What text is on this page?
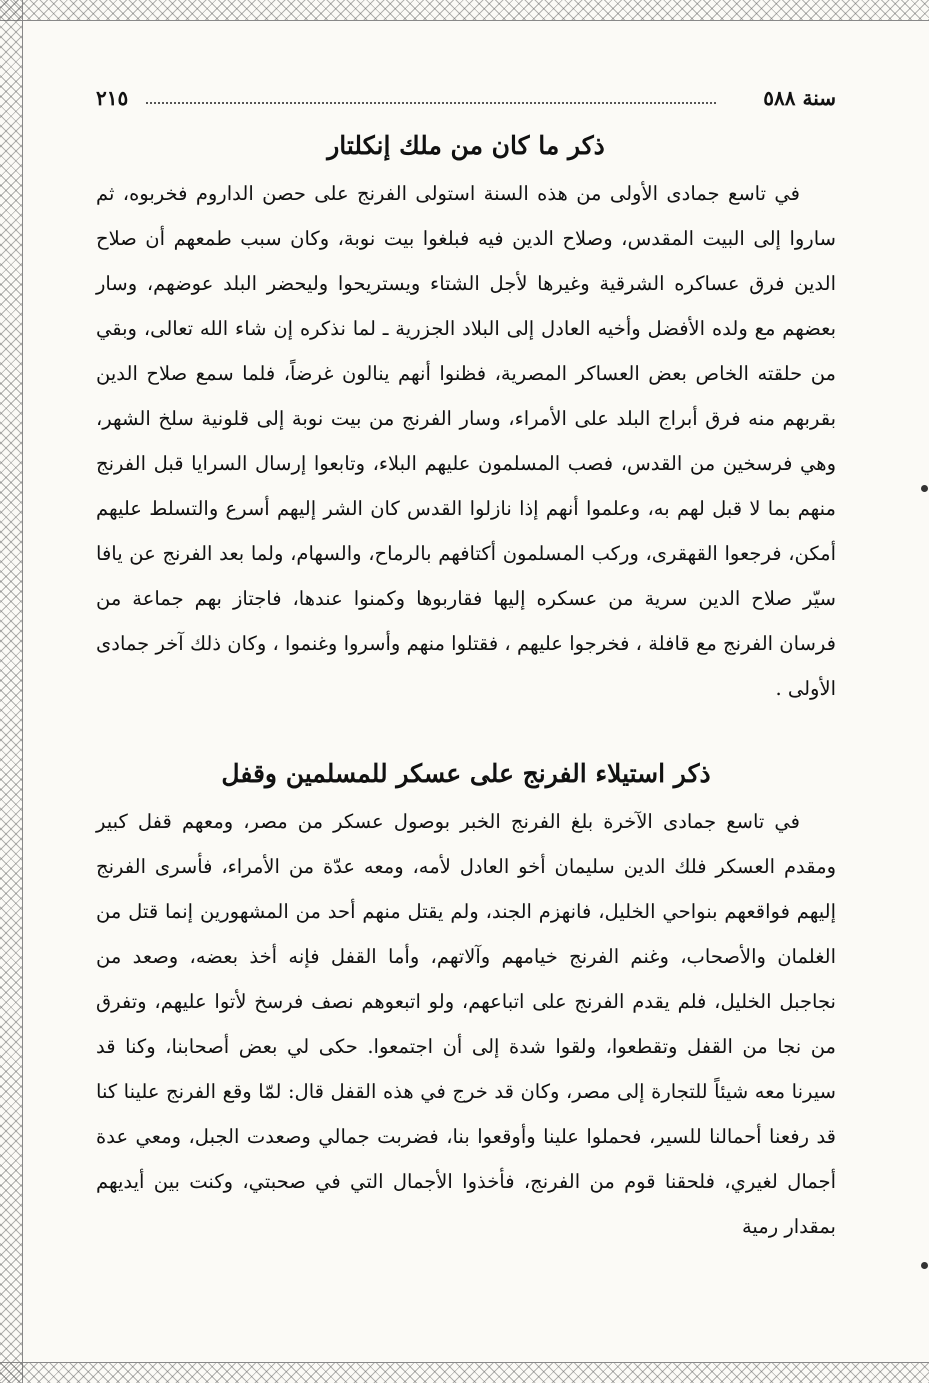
سنة ٥٨٨
٢١٥
ذكر ما كان من ملك إنكلتار

في تاسع جمادى الأولى من هذه السنة استولى الفرنج على حصن الداروم فخربوه، ثم ساروا إلى البيت المقدس، وصلاح الدين فيه فبلغوا بيت نوبة، وكان سبب طمعهم أن صلاح الدين فرق عساكره الشرقية وغيرها لأجل الشتاء ويستريحوا وليحضر البلد عوضهم، وسار بعضهم مع ولده الأفضل وأخيه العادل إلى البلاد الجزرية ـ لما نذكره إن شاء الله تعالى، وبقي من حلقته الخاص بعض العساكر المصرية، فظنوا أنهم ينالون غرضاً، فلما سمع صلاح الدين بقربهم منه فرق أبراج البلد على الأمراء، وسار الفرنج من بيت نوبة إلى قلونية سلخ الشهر، وهي فرسخين من القدس، فصب المسلمون عليهم البلاء، وتابعوا إرسال السرايا قبل الفرنج منهم بما لا قبل لهم به، وعلموا أنهم إذا نازلوا القدس كان الشر إليهم أسرع والتسلط عليهم أمكن، فرجعوا القهقرى، وركب المسلمون أكتافهم بالرماح، والسهام، ولما بعد الفرنج عن يافا سيّر صلاح الدين سرية من عسكره إليها فقاربوها وكمنوا عندها، فاجتاز بهم جماعة من فرسان الفرنج مع قافلة ، فخرجوا عليهم ، فقتلوا منهم وأسروا وغنموا ، وكان ذلك آخر جمادى الأولى .

ذكر استيلاء الفرنج على عسكر للمسلمين وقفل

في تاسع جمادى الآخرة بلغ الفرنج الخبر بوصول عسكر من مصر، ومعهم قفل كبير ومقدم العسكر فلك الدين سليمان أخو العادل لأمه، ومعه عدّة من الأمراء، فأسرى الفرنج إليهم فواقعهم بنواحي الخليل، فانهزم الجند، ولم يقتل منهم أحد من المشهورين إنما قتل من الغلمان والأصحاب، وغنم الفرنج خيامهم وآلاتهم، وأما القفل فإنه أخذ بعضه، وصعد من نجاجبل الخليل، فلم يقدم الفرنج على اتباعهم، ولو اتبعوهم نصف فرسخ لأتوا عليهم، وتفرق من نجا من القفل وتقطعوا، ولقوا شدة إلى أن اجتمعوا. حكى لي بعض أصحابنا، وكنا قد سيرنا معه شيئاً للتجارة إلى مصر، وكان قد خرج في هذه القفل قال: لمّا وقع الفرنج علينا كنا قد رفعنا أحمالنا للسير، فحملوا علينا وأوقعوا بنا، فضربت جمالي وصعدت الجبل، ومعي عدة أجمال لغيري، فلحقنا قوم من الفرنج، فأخذوا الأجمال التي في صحبتي، وكنت بين أيديهم بمقدار رمية
